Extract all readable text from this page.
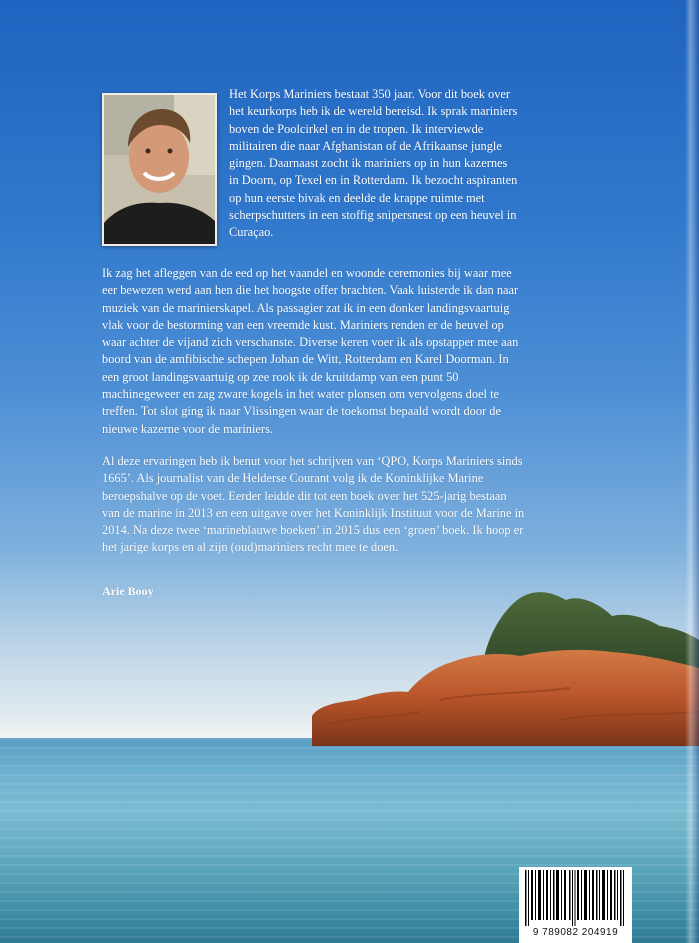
Het Korps Mariniers bestaat 350 jaar. Voor dit boek over het keurkorps heb ik de wereld bereisd. Ik sprak mariniers boven de Poolcirkel en in de tropen. Ik interviewde militairen die naar Afghanistan of de Afrikaanse jungle gingen. Daarnaast zocht ik mariniers op in hun kazernes in Doorn, op Texel en in Rotterdam. Ik bezocht aspiranten op hun eerste bivak en deelde de krappe ruimte met scherpschutters in een stoffig snipersnest op een heuvel in Curaçao.

Ik zag het afleggen van de eed op het vaandel en woonde ceremonies bij waar mee eer bewezen werd aan hen die het hoogste offer brachten. Vaak luisterde ik dan naar muziek van de marinierskapel. Als passagier zat ik in een donker landingsvaartuig vlak voor de bestorming van een vreemde kust. Mariniers renden er de heuvel op waar achter de vijand zich verschanste. Diverse keren voer ik als opstapper mee aan boord van de amfibische schepen Johan de Witt, Rotterdam en Karel Doorman. In een groot landingsvaartuig op zee rook ik de kruitdamp van een punt 50 machinegeweer en zag zware kogels in het water plonsen om vervolgens doel te treffen. Tot slot ging ik naar Vlissingen waar de toekomst bepaald wordt door de nieuwe kazerne voor de mariniers.

Al deze ervaringen heb ik benut voor het schrijven van ‘QPO, Korps Mariniers sinds 1665’. Als journalist van de Helderse Courant volg ik de Koninklijke Marine beroepshalve op de voet. Eerder leidde dit tot een boek over het 525-jarig bestaan van de marine in 2013 en een uitgave over het Koninklijk Instituut voor de Marine in 2014. Na deze twee ‘marineblauwe boeken’ in 2015 dus een ‘groen’ boek. Ik hoop er het jarige korps en al zijn (oud)mariniers recht mee te doen.

Arie Booy
9 789082 204919
